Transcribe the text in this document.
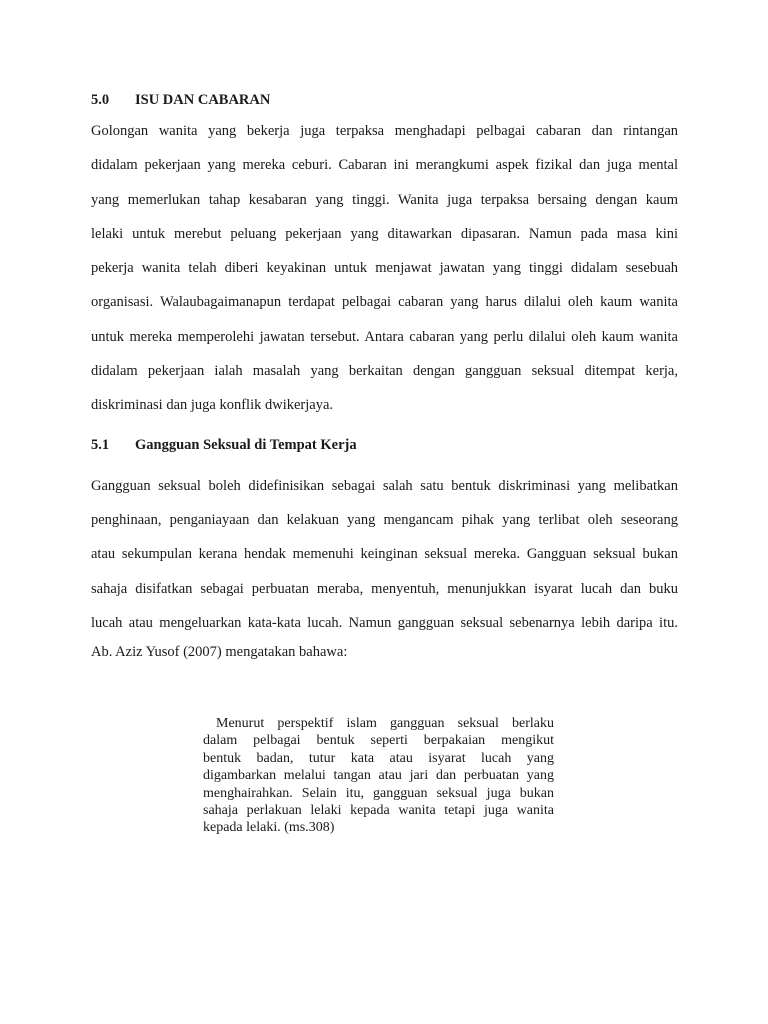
5.0 ISU DAN CABARAN
Golongan wanita yang bekerja juga terpaksa menghadapi pelbagai cabaran dan rintangan
didalam pekerjaan yang mereka ceburi. Cabaran ini merangkumi aspek fizikal dan juga mental
yang memerlukan tahap kesabaran yang tinggi. Wanita juga terpaksa bersaing dengan kaum
lelaki untuk merebut peluang pekerjaan yang ditawarkan dipasaran. Namun pada masa kini
pekerja wanita telah diberi keyakinan untuk menjawat jawatan yang tinggi didalam sesebuah
organisasi. Walaubagaimanapun terdapat pelbagai cabaran yang harus dilalui oleh kaum wanita
untuk mereka memperolehi jawatan tersebut. Antara cabaran yang perlu dilalui oleh kaum wanita
didalam pekerjaan ialah masalah yang berkaitan dengan gangguan seksual ditempat kerja,
diskriminasi dan juga konflik dwikerjaya.
5.1 Gangguan Seksual di Tempat Kerja
Gangguan seksual boleh didefinisikan sebagai salah satu bentuk diskriminasi yang melibatkan
penghinaan, penganiayaan dan kelakuan yang mengancam pihak yang terlibat oleh seseorang
atau sekumpulan kerana hendak memenuhi keinginan seksual mereka. Gangguan seksual bukan
sahaja disifatkan sebagai perbuatan meraba, menyentuh, menunjukkan isyarat lucah dan buku
lucah atau mengeluarkan kata-kata lucah. Namun gangguan seksual sebenarnya lebih daripa itu.
Ab. Aziz Yusof (2007) mengatakan bahawa:
Menurut perspektif islam gangguan seksual berlaku
dalam pelbagai bentuk seperti berpakaian mengikut
bentuk badan, tutur kata atau isyarat lucah yang
digambarkan melalui tangan atau jari dan perbuatan yang
menghairahkan. Selain itu, gangguan seksual juga bukan
sahaja perlakuan lelaki kepada wanita tetapi juga wanita
kepada lelaki. (ms.308)
